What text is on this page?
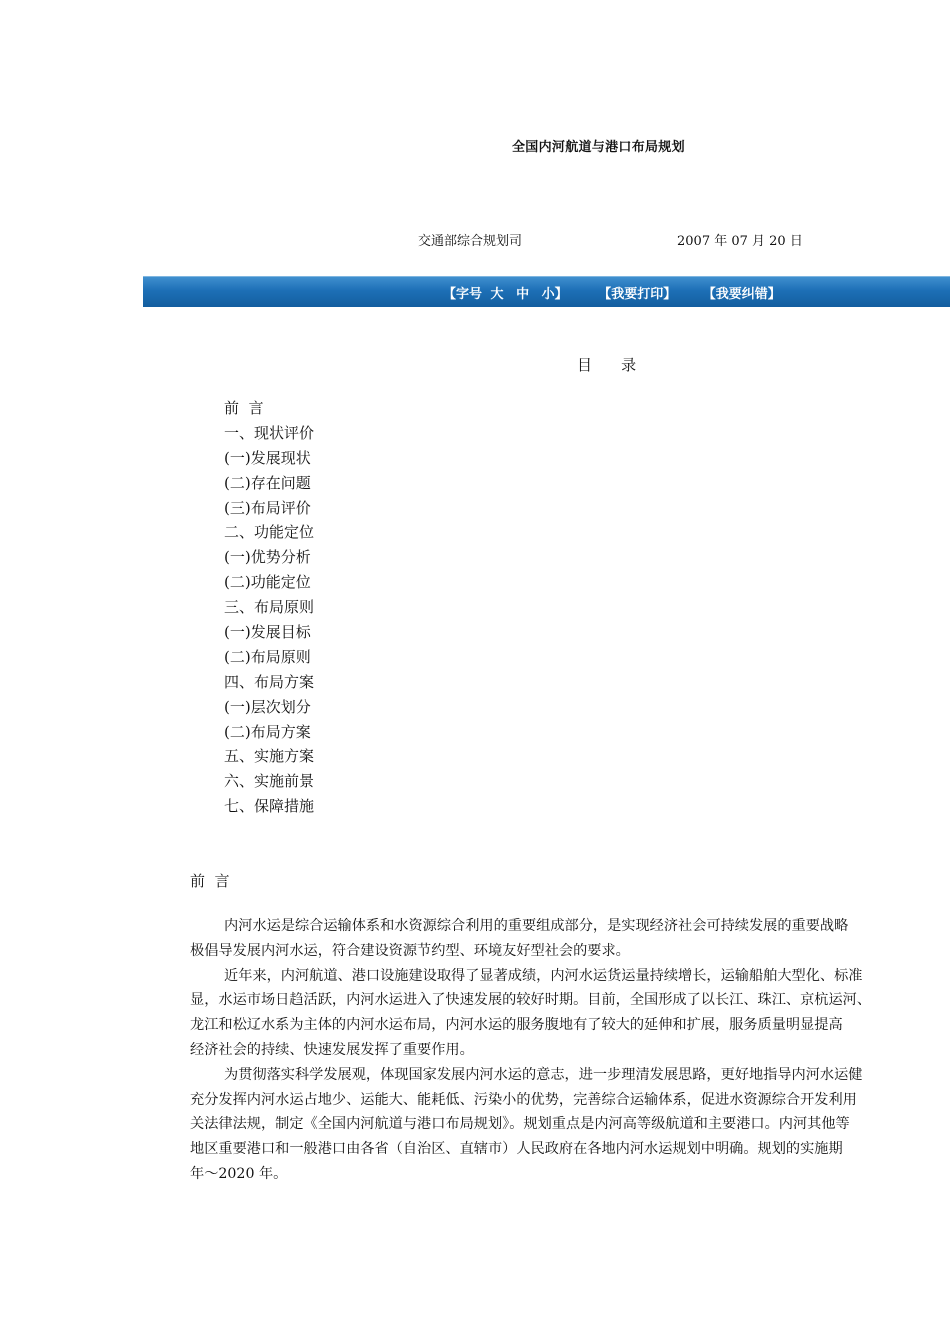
全国内河航道与港口布局规划
交通部综合规划司	2007 年 07 月 20 日
【字号 大 中 小】 【我要打印】 【我要纠错】
目    录
前  言
一、现状评价
(一)发展现状
(二)存在问题
(三)布局评价
二、功能定位
(一)优势分析
(二)功能定位
三、布局原则
(一)发展目标
(二)布局原则
四、布局方案
(一)层次划分
(二)布局方案
五、实施方案
六、实施前景
七、保障措施
前  言
内河水运是综合运输体系和水资源综合利用的重要组成部分，是实现经济社会可持续发展的重要战略
极倡导发展内河水运，符合建设资源节约型、环境友好型社会的要求。
近年来，内河航道、港口设施建设取得了显著成绩，内河水运货运量持续增长，运输船舶大型化、标准
显，水运市场日趋活跃，内河水运进入了快速发展的较好时期。目前，全国形成了以长江、珠江、京杭运河、
龙江和松辽水系为主体的内河水运布局，内河水运的服务腹地有了较大的延伸和扩展，服务质量明显提高
经济社会的持续、快速发展发挥了重要作用。
为贯彻落实科学发展观，体现国家发展内河水运的意志，进一步理清发展思路，更好地指导内河水运健
充分发挥内河水运占地少、运能大、能耗低、污染小的优势，完善综合运输体系，促进水资源综合开发利用
关法律法规，制定《全国内河航道与港口布局规划》。规划重点是内河高等级航道和主要港口。内河其他等
地区重要港口和一般港口由各省（自治区、直辖市）人民政府在各地内河水运规划中明确。规划的实施期
年～2020 年。
